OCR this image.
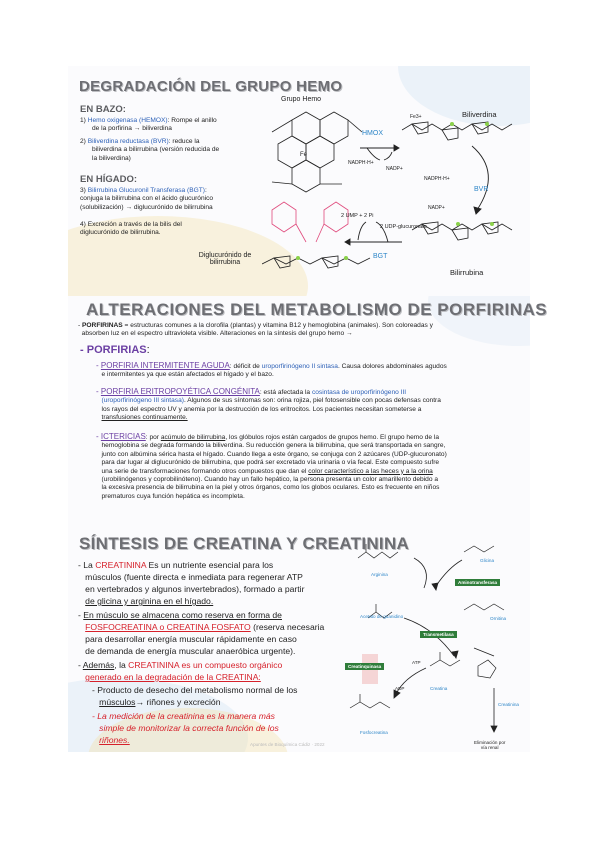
DEGRADACIÓN DEL GRUPO HEMO
EN BAZO:
1) Hemo oxigenasa (HEMOX): Rompe el anillo
de la porfirina → biliverdina
2) Biliverdina reductasa (BVR): reduce la
biliverdina a bilirrubina (versión reducida de
la biliverdina)
EN HÍGADO:
3) Bilirrubina Glucuronil Transferasa (BGT):
conjuga la bilirrubina con el ácido glucurónico
(solubilización) → diglucurónido de bilirrubina
4) Excreción a través de la bilis del
diglucurónido de bilirrubina.
Fe
Grupo Hemo
HMOX
Fe3+	Biliverdina
NADPH·H+
NADP+
NADPH·H+
BVR
NADP+
2 UMP + 2 Pi
2 UDP-glucuronato
BGT
Diglucurónido de
bilirrubina
Bilirrubina
ALTERACIONES DEL METABOLISMO DE PORFIRINAS
- PORFIRINAS = estructuras comunes a la clorofila (plantas) y vitamina B12 y hemoglobina (animales). Son coloreadas y
absorben luz en el espectro ultravioleta visible. Alteraciones en la síntesis del grupo hemo →
- PORFIRIAS:
- PORFIRIA INTERMITENTE AGUDA: déficit de uroporfirinógeno II sintasa. Causa dolores abdominales agudos
e intermitentes ya que están afectados el hígado y el bazo.
- PORFIRIA ERITROPOYÉTICA CONGÉNITA: está afectada la cosintasa de uroporfirinógeno III
(uroporfirinógeno III sintasa). Algunos de sus síntomas son: orina rojiza, piel fotosensible con pocas defensas contra
los rayos del espectro UV y anemia por la destrucción de los eritrocitos. Los pacientes necesitan someterse a
transfusiones continuamente.
- ICTERICIAS: por acúmulo de bilirrubina, los glóbulos rojos están cargados de grupos hemo. El grupo hemo de la
hemoglobina se degrada formando la biliverdina. Su reducción genera la bilirrubina, que será transportada en sangre,
junto con albúmina sérica hasta el hígado. Cuando llega a este órgano, se conjuga con 2 azúcares (UDP-glucuronato)
para dar lugar al diglucurónido de bilirrubina, que podrá ser excretado vía urinaria o vía fecal. Este compuesto sufre
una serie de transformaciones formando otros compuestos que dan el color característico a las heces y a la orina
(urobilinógenos y coprobilinóteno). Cuando hay un fallo hepático, la persona presenta un color amarillento debido a
la excesiva presencia de bilirrubina en la piel y otros órganos, como los globos oculares. Esto es frecuente en niños
prematuros cuya función hepática es incompleta.
SÍNTESIS DE CREATINA Y CREATININA
- La CREATININA Es un nutriente esencial para los
músculos (fuente directa e inmediata para regenerar ATP
en vertebrados y algunos invertebrados), formado a partir
de glicina y arginina en el hígado.
- En músculo se almacena como reserva en forma de
FOSFOCREATINA o CREATINA FOSFATO (reserva necesaria
para desarrollar energía muscular rápidamente en caso
de demanda de energía muscular anaeróbica urgente).
- Además, la CREATININA es un compuesto orgánico
generado en la degradación de la CREATINA:
- Producto de desecho del metabolismo normal de los
músculos→ riñones y excreción
- La medición de la creatinina es la manera más
simple de monitorizar la correcta función de los
riñones.	Apuntes de Bioquímica Cádiz · 2022
Arginina
Glicina
Aminotransferasa
Ornitina
Acetato de guanidino
Transmetilasa
Creatinquinasa
ATP
ADP	Creatina
Creatinina
Fosfocreatina
Eliminación por
vía renal
